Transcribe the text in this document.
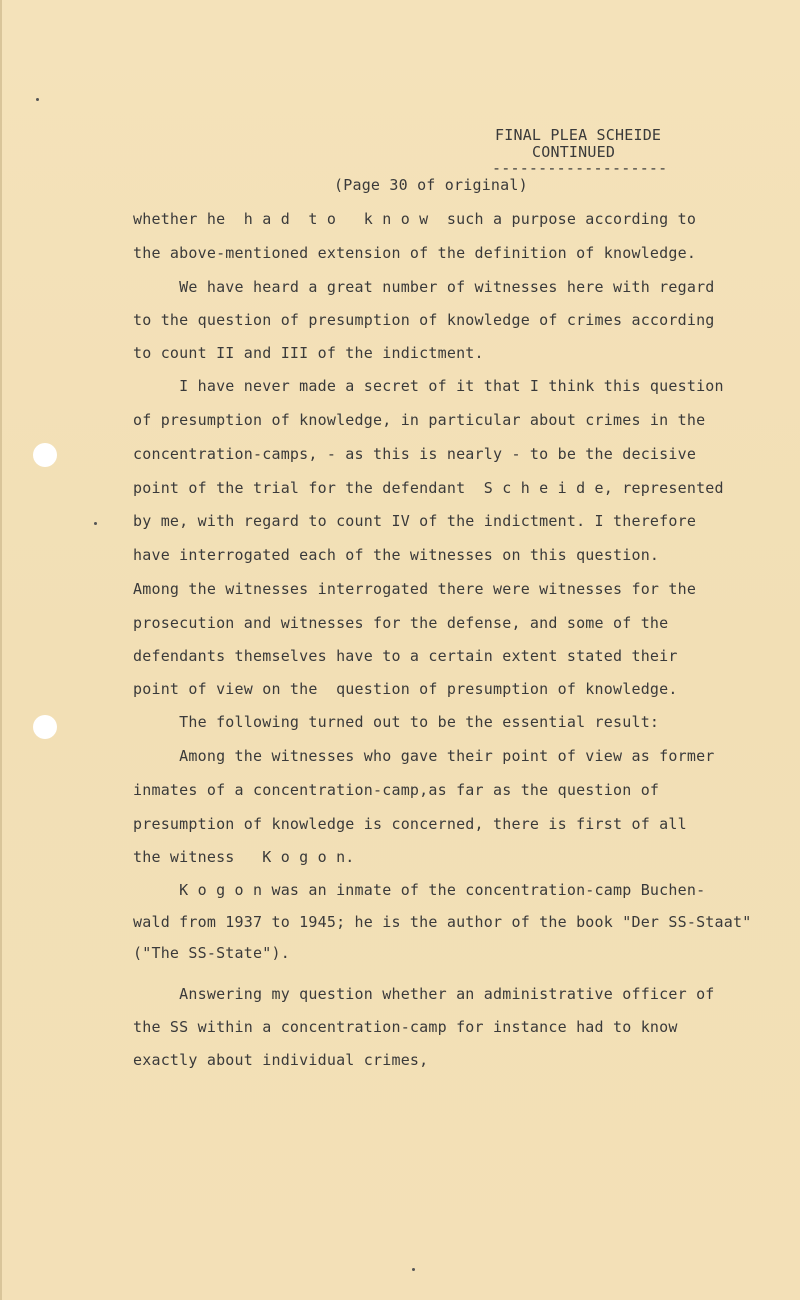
FINAL PLEA SCHEIDE
CONTINUED
-------------------
(Page 30 of original)
whether he  h a d  t o   k n o w  such a purpose according to
the above-mentioned extension of the definition of knowledge.
We have heard a great number of witnesses here with regard
to the question of presumption of knowledge of crimes according
to count II and III of the indictment.
I have never made a secret of it that I think this question
of presumption of knowledge, in particular about crimes in the
concentration-camps, - as this is nearly - to be the decisive
point of the trial for the defendant  S c h e i d e, represented
by me, with regard to count IV of the indictment. I therefore
have interrogated each of the witnesses on this question.
Among the witnesses interrogated there were witnesses for the
prosecution and witnesses for the defense, and some of the
defendants themselves have to a certain extent stated their
point of view on the  question of presumption of knowledge.
The following turned out to be the essential result:
Among the witnesses who gave their point of view as former
inmates of a concentration-camp,as far as the question of
presumption of knowledge is concerned, there is first of all
the witness   K o g o n.
K o g o n was an inmate of the concentration-camp Buchen-
wald from 1937 to 1945; he is the author of the book "Der SS-Staat"
("The SS-State").
Answering my question whether an administrative officer of
the SS within a concentration-camp for instance had to know
exactly about individual crimes,
